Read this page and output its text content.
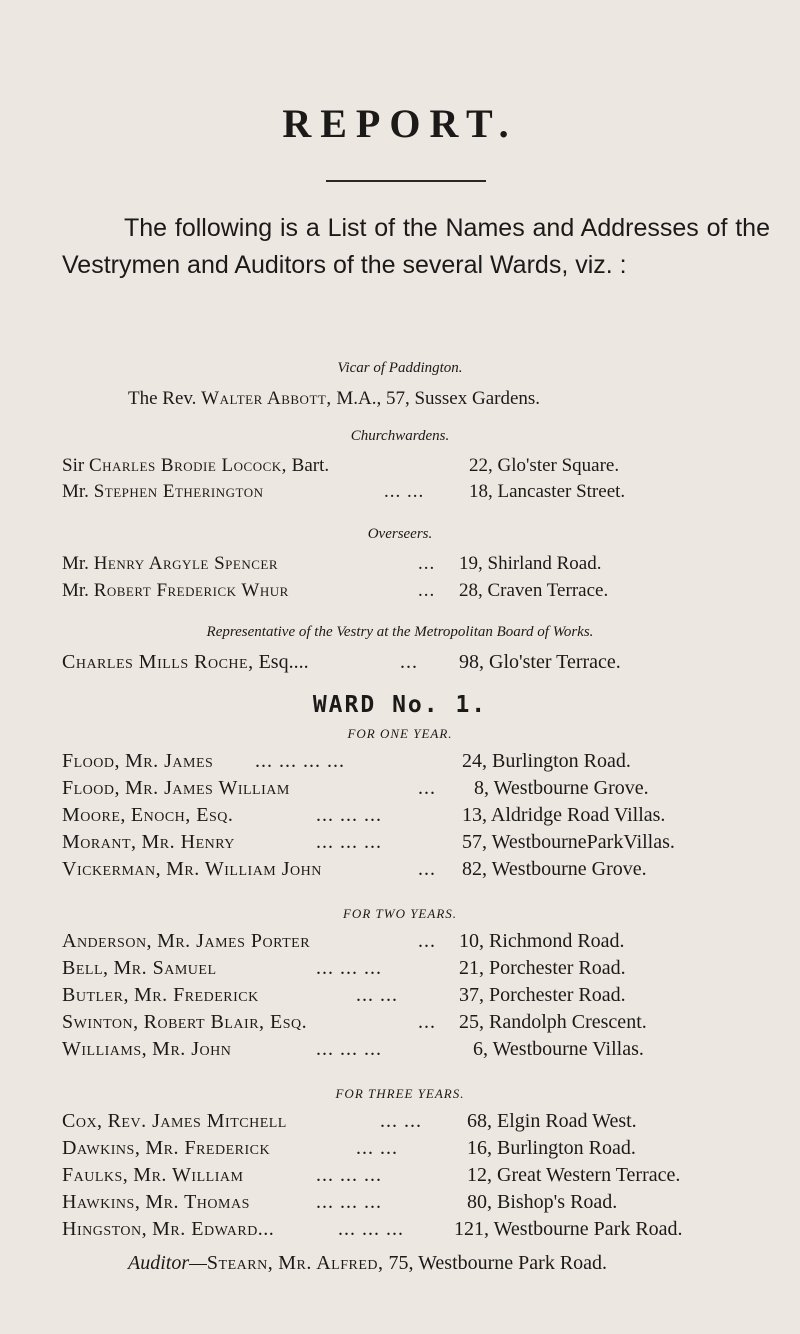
REPORT.
The following is a List of the Names and Addresses of the Vestrymen and Auditors of the several Wards, viz. :
Vicar of Paddington.
The Rev. Walter Abbott, M.A., 57, Sussex Gardens.
Churchwardens.
Sir Charles Brodie Locock, Bart.	22, Glo'ster Square.
Mr. Stephen Etherington	... ... 18, Lancaster Street.
Overseers.
Mr. Henry Argyle Spencer	... 19, Shirland Road.
Mr. Robert Frederick Whur	... 28, Craven Terrace.
Representative of the Vestry at the Metropolitan Board of Works.
Charles Mills Roche, Esq....	... 98, Glo'ster Terrace.
WARD No. 1.
FOR ONE YEAR.
Flood, Mr. James ... ... ... ...	24, Burlington Road.
Flood, Mr. James William	... 8, Westbourne Grove.
Moore, Enoch, Esq.	... ... ...	13, Aldridge Road Villas.
Morant, Mr. Henry	... ... ...	57, WestbourneParkVillas.
Vickerman, Mr. William John	... 82, Westbourne Grove.
FOR TWO YEARS.
Anderson, Mr. James Porter	... 10, Richmond Road.
Bell, Mr. Samuel	... ... ...	21, Porchester Road.
Butler, Mr. Frederick	... ...	37, Porchester Road.
Swinton, Robert Blair, Esq.	... 25, Randolph Crescent.
Williams, Mr. John	... ... ...	6, Westbourne Villas.
FOR THREE YEARS.
Cox, Rev. James Mitchell	... ... 68, Elgin Road West.
Dawkins, Mr. Frederick	... ...	16, Burlington Road.
Faulks, Mr. William	... ... ...	12, Great Western Terrace.
Hawkins, Mr. Thomas	... ... ...	80, Bishop's Road.
Hingston, Mr. Edward...	... ... ...	121, Westbourne Park Road.
Auditor—Stearn, Mr. Alfred, 75, Westbourne Park Road.
